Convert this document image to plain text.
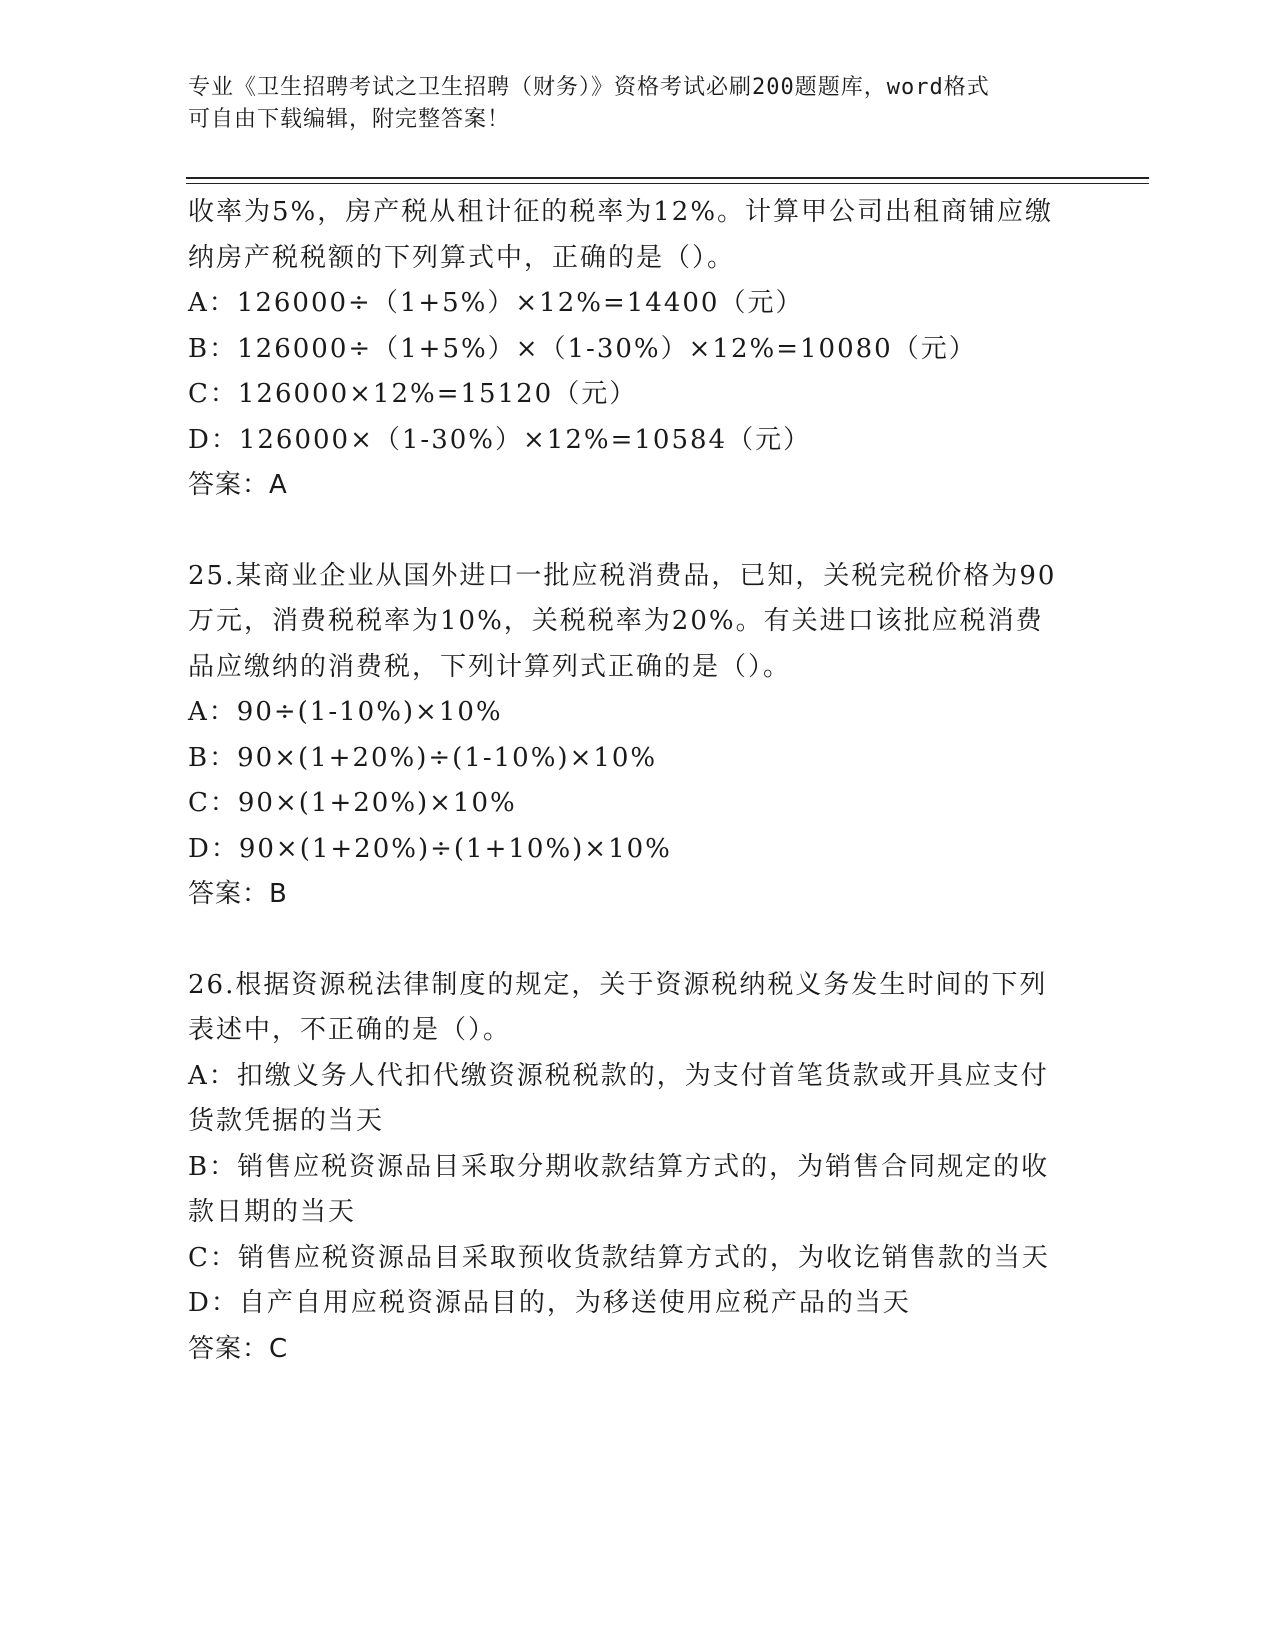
专业《卫生招聘考试之卫生招聘（财务）》资格考试必刷200题题库，word格式
可自由下载编辑，附完整答案！
收率为5%，房产税从租计征的税率为12%。计算甲公司出租商铺应缴
纳房产税税额的下列算式中，正确的是（）。
A：126000÷（1+5%）×12%=14400（元）
B：126000÷（1+5%）×（1-30%）×12%=10080（元）
C：126000×12%=15120（元）
D：126000×（1-30%）×12%=10584（元）
答案：A
25.某商业企业从国外进口一批应税消费品，已知，关税完税价格为90
万元，消费税税率为10%，关税税率为20%。有关进口该批应税消费
品应缴纳的消费税，下列计算列式正确的是（）。
A：90÷(1-10%)×10%
B：90×(1+20%)÷(1-10%)×10%
C：90×(1+20%)×10%
D：90×(1+20%)÷(1+10%)×10%
答案：B
26.根据资源税法律制度的规定，关于资源税纳税义务发生时间的下列
表述中，不正确的是（）。
A：扣缴义务人代扣代缴资源税税款的，为支付首笔货款或开具应支付
货款凭据的当天
B：销售应税资源品目采取分期收款结算方式的，为销售合同规定的收
款日期的当天
C：销售应税资源品目采取预收货款结算方式的，为收讫销售款的当天
D：自产自用应税资源品目的，为移送使用应税产品的当天
答案：C
